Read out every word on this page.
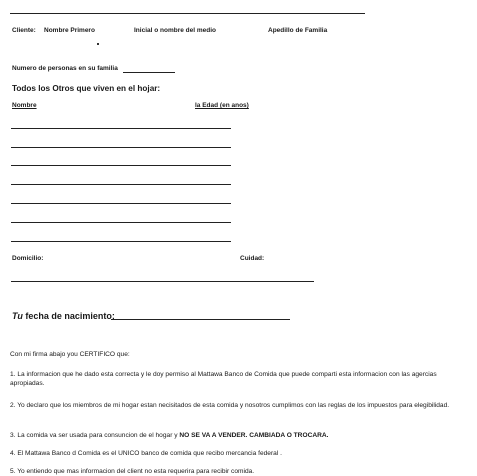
Cliente: Nombre Primero	Inicial o nombre del medio	Apedillo de Familia
Numero de personas en su familia
Todos los Otros que viven en el hojar:
Nombre	la Edad (en anos)
Domicilio:	Cuidad:
Tu fecha de nacimiento:
Con mi firma abajo you CERTIFICO que:
1. La informacion que he dado esta correcta y le doy permiso al Mattawa Banco de Comida que puede comparti esta informacion con las agercias apropiadas.
2. Yo declaro que los miembros de mi hogar estan necisitados de esta comida y nosotros cumplimos con las reglas de los impuestos para elegibilidad.
3. La comida va ser usada para consuncion de el hogar y NO SE VA A VENDER. CAMBIADA O TROCARA.
4. El Mattawa Banco d Comida es el UNICO banco de comida que recibo mercancia federal .
5. Yo entiendo que mas informacion del client no esta requerira para recibir comida.
